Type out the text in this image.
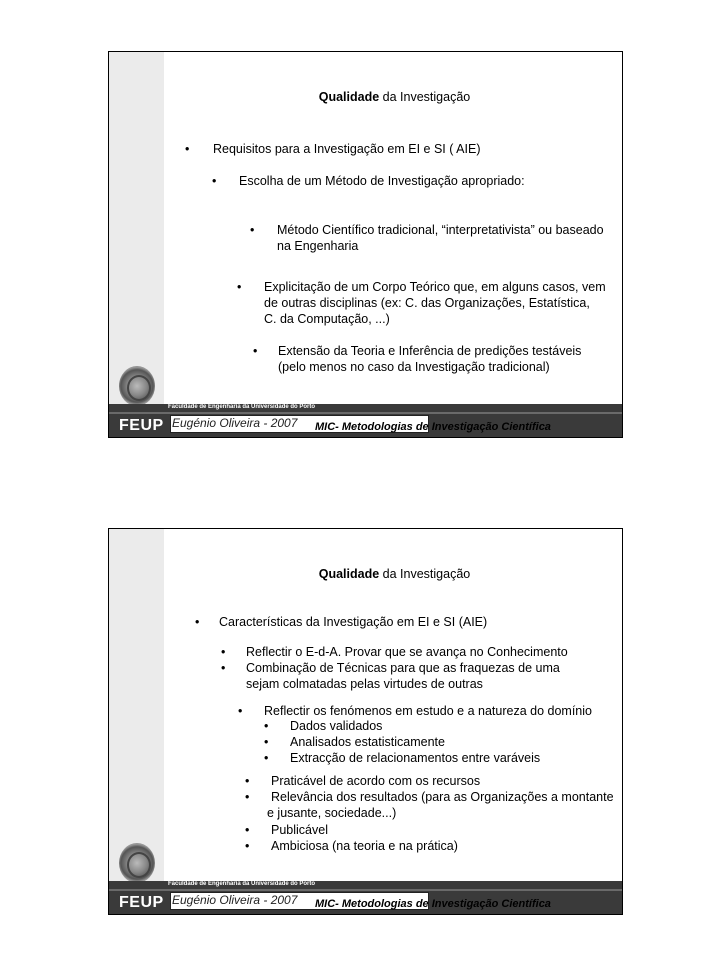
Qualidade da Investigação
• Requisitos para a Investigação em EI e SI ( AIE)
• Escolha de um Método de Investigação apropriado:
• Método Científico tradicional, “interpretativista” ou baseado
na Engenharia
• Explicitação de um Corpo Teórico que, em alguns casos, vem
de outras disciplinas (ex: C. das Organizações, Estatística,
C. da Computação, ...)
• Extensão da Teoria e Inferência de predições testáveis
(pelo menos no caso da Investigação tradicional)
Faculdade de Engenharia da Universidade do Porto
FEUP Eugénio Oliveira - 2007 MIC- Metodologias de Investigação Científica
Qualidade da Investigação
• Características da Investigação em EI e SI (AIE)
• Reflectir o E-d-A. Provar que se avança no Conhecimento
• Combinação de Técnicas para que as fraquezas de uma
sejam colmatadas pelas virtudes de outras
• Reflectir os fenómenos em estudo e a natureza do domínio
• Dados validados
• Analisados estatisticamente
• Extracção de relacionamentos entre varáveis
• Praticável de acordo com os recursos
• Relevância dos resultados (para as Organizações a montante
e jusante, sociedade...)
• Publicável
• Ambiciosa (na teoria e na prática)
Faculdade de Engenharia da Universidade do Porto
FEUP Eugénio Oliveira - 2007 MIC- Metodologias de Investigação Científica
